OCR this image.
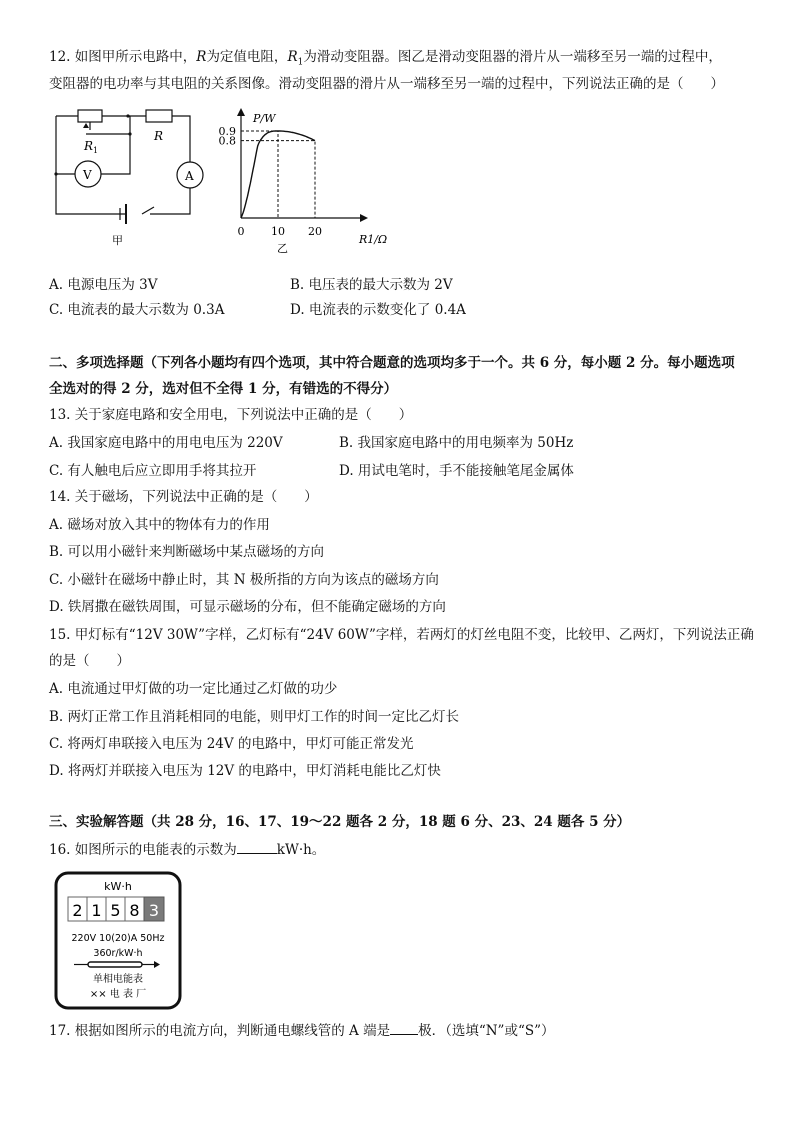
12. 如图甲所示电路中，R为定值电阻，$R_1$为滑动变阻器。图乙是滑动变阻器的滑片从一端移至另一端的过程中，
变阻器的电功率与其电阻的关系图像。滑动变阻器的滑片从一端移至另一端的过程中，下列说法正确的是（　　）
R 1
R
V	A
甲
P/W
R1/Ω
0 10 20
0.8
0.9
乙
A. 电源电压为 3V	B. 电压表的最大示数为 2V
C. 电流表的最大示数为 0.3A	D. 电流表的示数变化了 0.4A
二、多项选择题（下列各小题均有四个选项，其中符合题意的选项均多于一个。共 6 分，每小题 2 分。每小题选项
全选对的得 2 分，选对但不全得 1 分，有错选的不得分）
13. 关于家庭电路和安全用电，下列说法中正确的是（　　）
A. 我国家庭电路中的用电电压为 220V	B. 我国家庭电路中的用电频率为 50Hz
C. 有人触电后应立即用手将其拉开	D. 用试电笔时，手不能接触笔尾金属体
14. 关于磁场，下列说法中正确的是（　　）
A. 磁场对放入其中的物体有力的作用
B. 可以用小磁针来判断磁场中某点磁场的方向
C. 小磁针在磁场中静止时，其 N 极所指的方向为该点的磁场方向
D. 铁屑撒在磁铁周围，可显示磁场的分布，但不能确定磁场的方向
15. 甲灯标有“12V 30W”字样，乙灯标有“24V 60W”字样，若两灯的灯丝电阻不变，比较甲、乙两灯，下列说法正确
的是（　　）
A. 电流通过甲灯做的功一定比通过乙灯做的功少
B. 两灯正常工作且消耗相同的电能，则甲灯工作的时间一定比乙灯长
C. 将两灯串联接入电压为 24V 的电路中，甲灯可能正常发光
D. 将两灯并联接入电压为 12V 的电路中，甲灯消耗电能比乙灯快
三、实验解答题（共 28 分，16、17、19～22 题各 2 分，18 题 6 分、23、24 题各 5 分）
16. 如图所示的电能表的示数为	kW·h。
kW·h
2 1 5 8 3
220V 10(20)A 50Hz
360r/kW·h
单相电能表
×× 电 表 厂
17. 根据如图所示的电流方向，判断通电螺线管的 A 端是 极．（选填“N”或“S”）
